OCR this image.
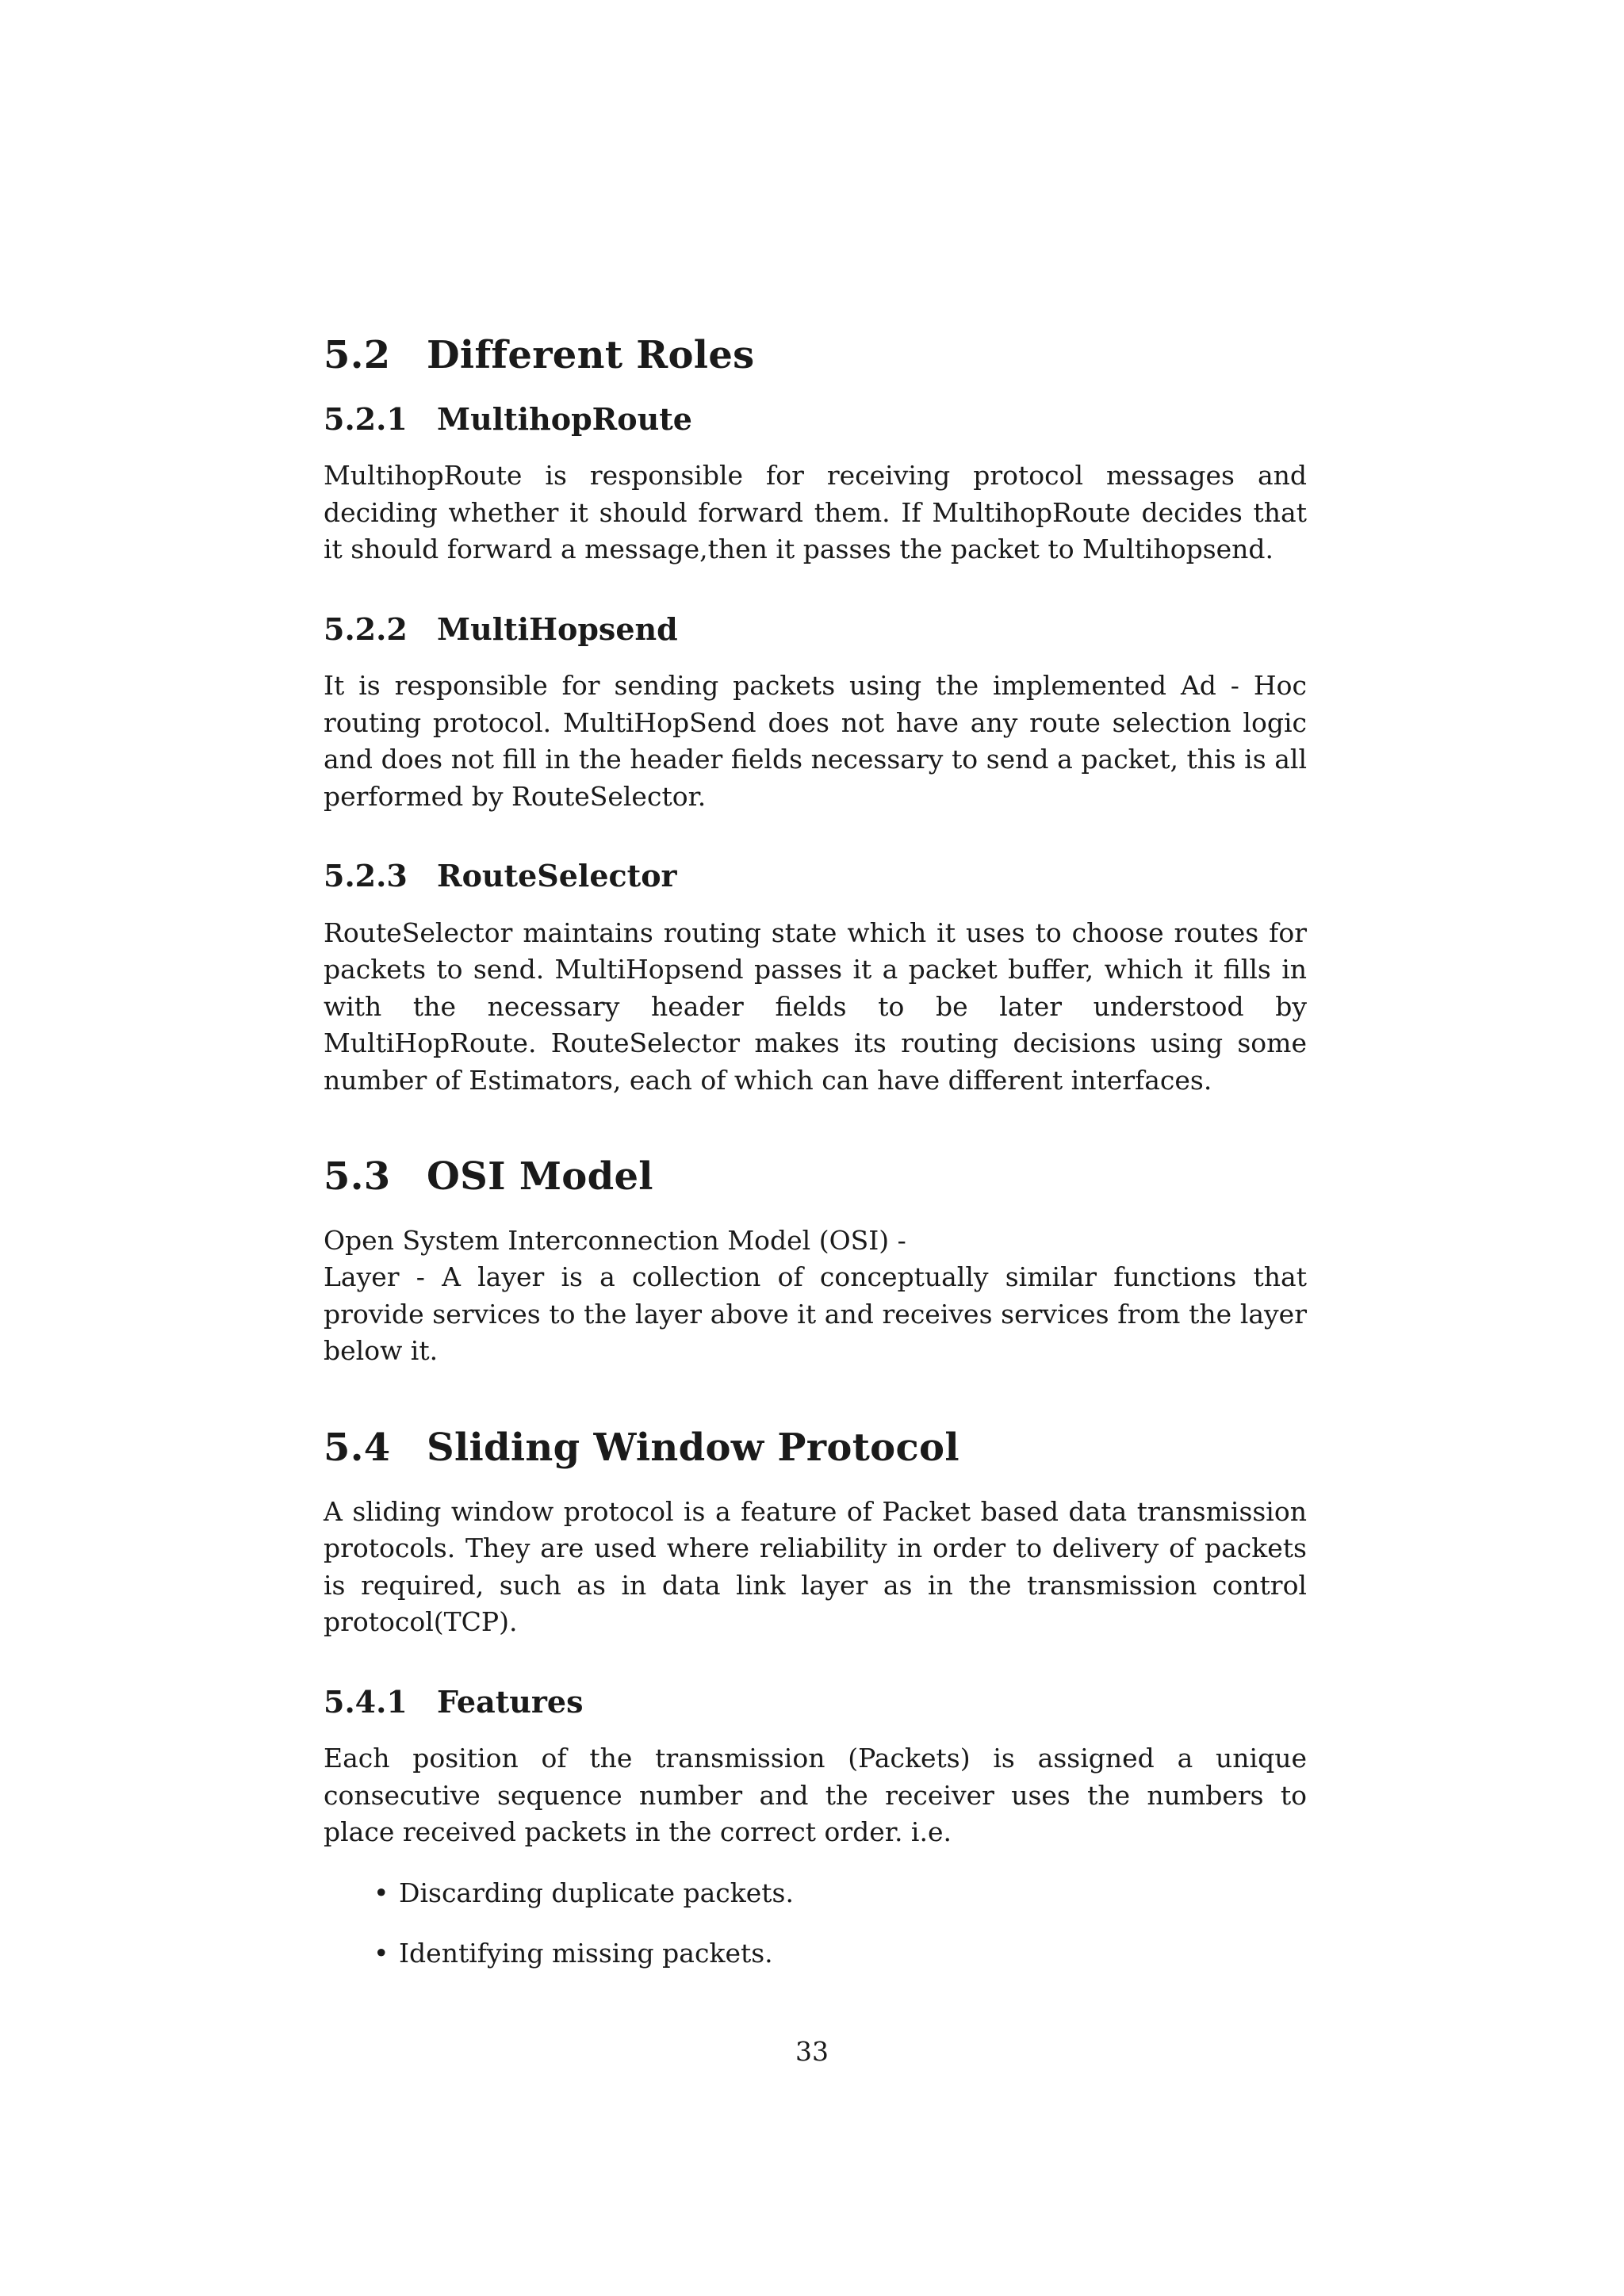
5.2 Different Roles
5.2.1 MultihopRoute

MultihopRoute is responsible for receiving protocol messages and deciding whether it should forward them. If MultihopRoute decides that it should forward a message,then it passes the packet to Multihopsend.

5.2.2 MultiHopsend

It is responsible for sending packets using the implemented Ad - Hoc routing protocol. MultiHopSend does not have any route selection logic and does not fill in the header fields necessary to send a packet, this is all performed by RouteSelector.

5.2.3 RouteSelector

RouteSelector maintains routing state which it uses to choose routes for packets to send. MultiHopsend passes it a packet buffer, which it fills in with the necessary header fields to be later understood by MultiHopRoute. RouteSelector makes its routing decisions using some number of Estimators, each of which can have different interfaces.

5.3 OSI Model

Open System Interconnection Model (OSI) -

Layer - A layer is a collection of conceptually similar functions that provide services to the layer above it and receives services from the layer below it.

5.4 Sliding Window Protocol

A sliding window protocol is a feature of Packet based data transmission protocols. They are used where reliability in order to delivery of packets is required, such as in data link layer as in the transmission control protocol(TCP).

5.4.1 Features

Each position of the transmission (Packets) is assigned a unique consecutive sequence number and the receiver uses the numbers to place received packets in the correct order. i.e.

• Discarding duplicate packets.
• Identifying missing packets.
33
